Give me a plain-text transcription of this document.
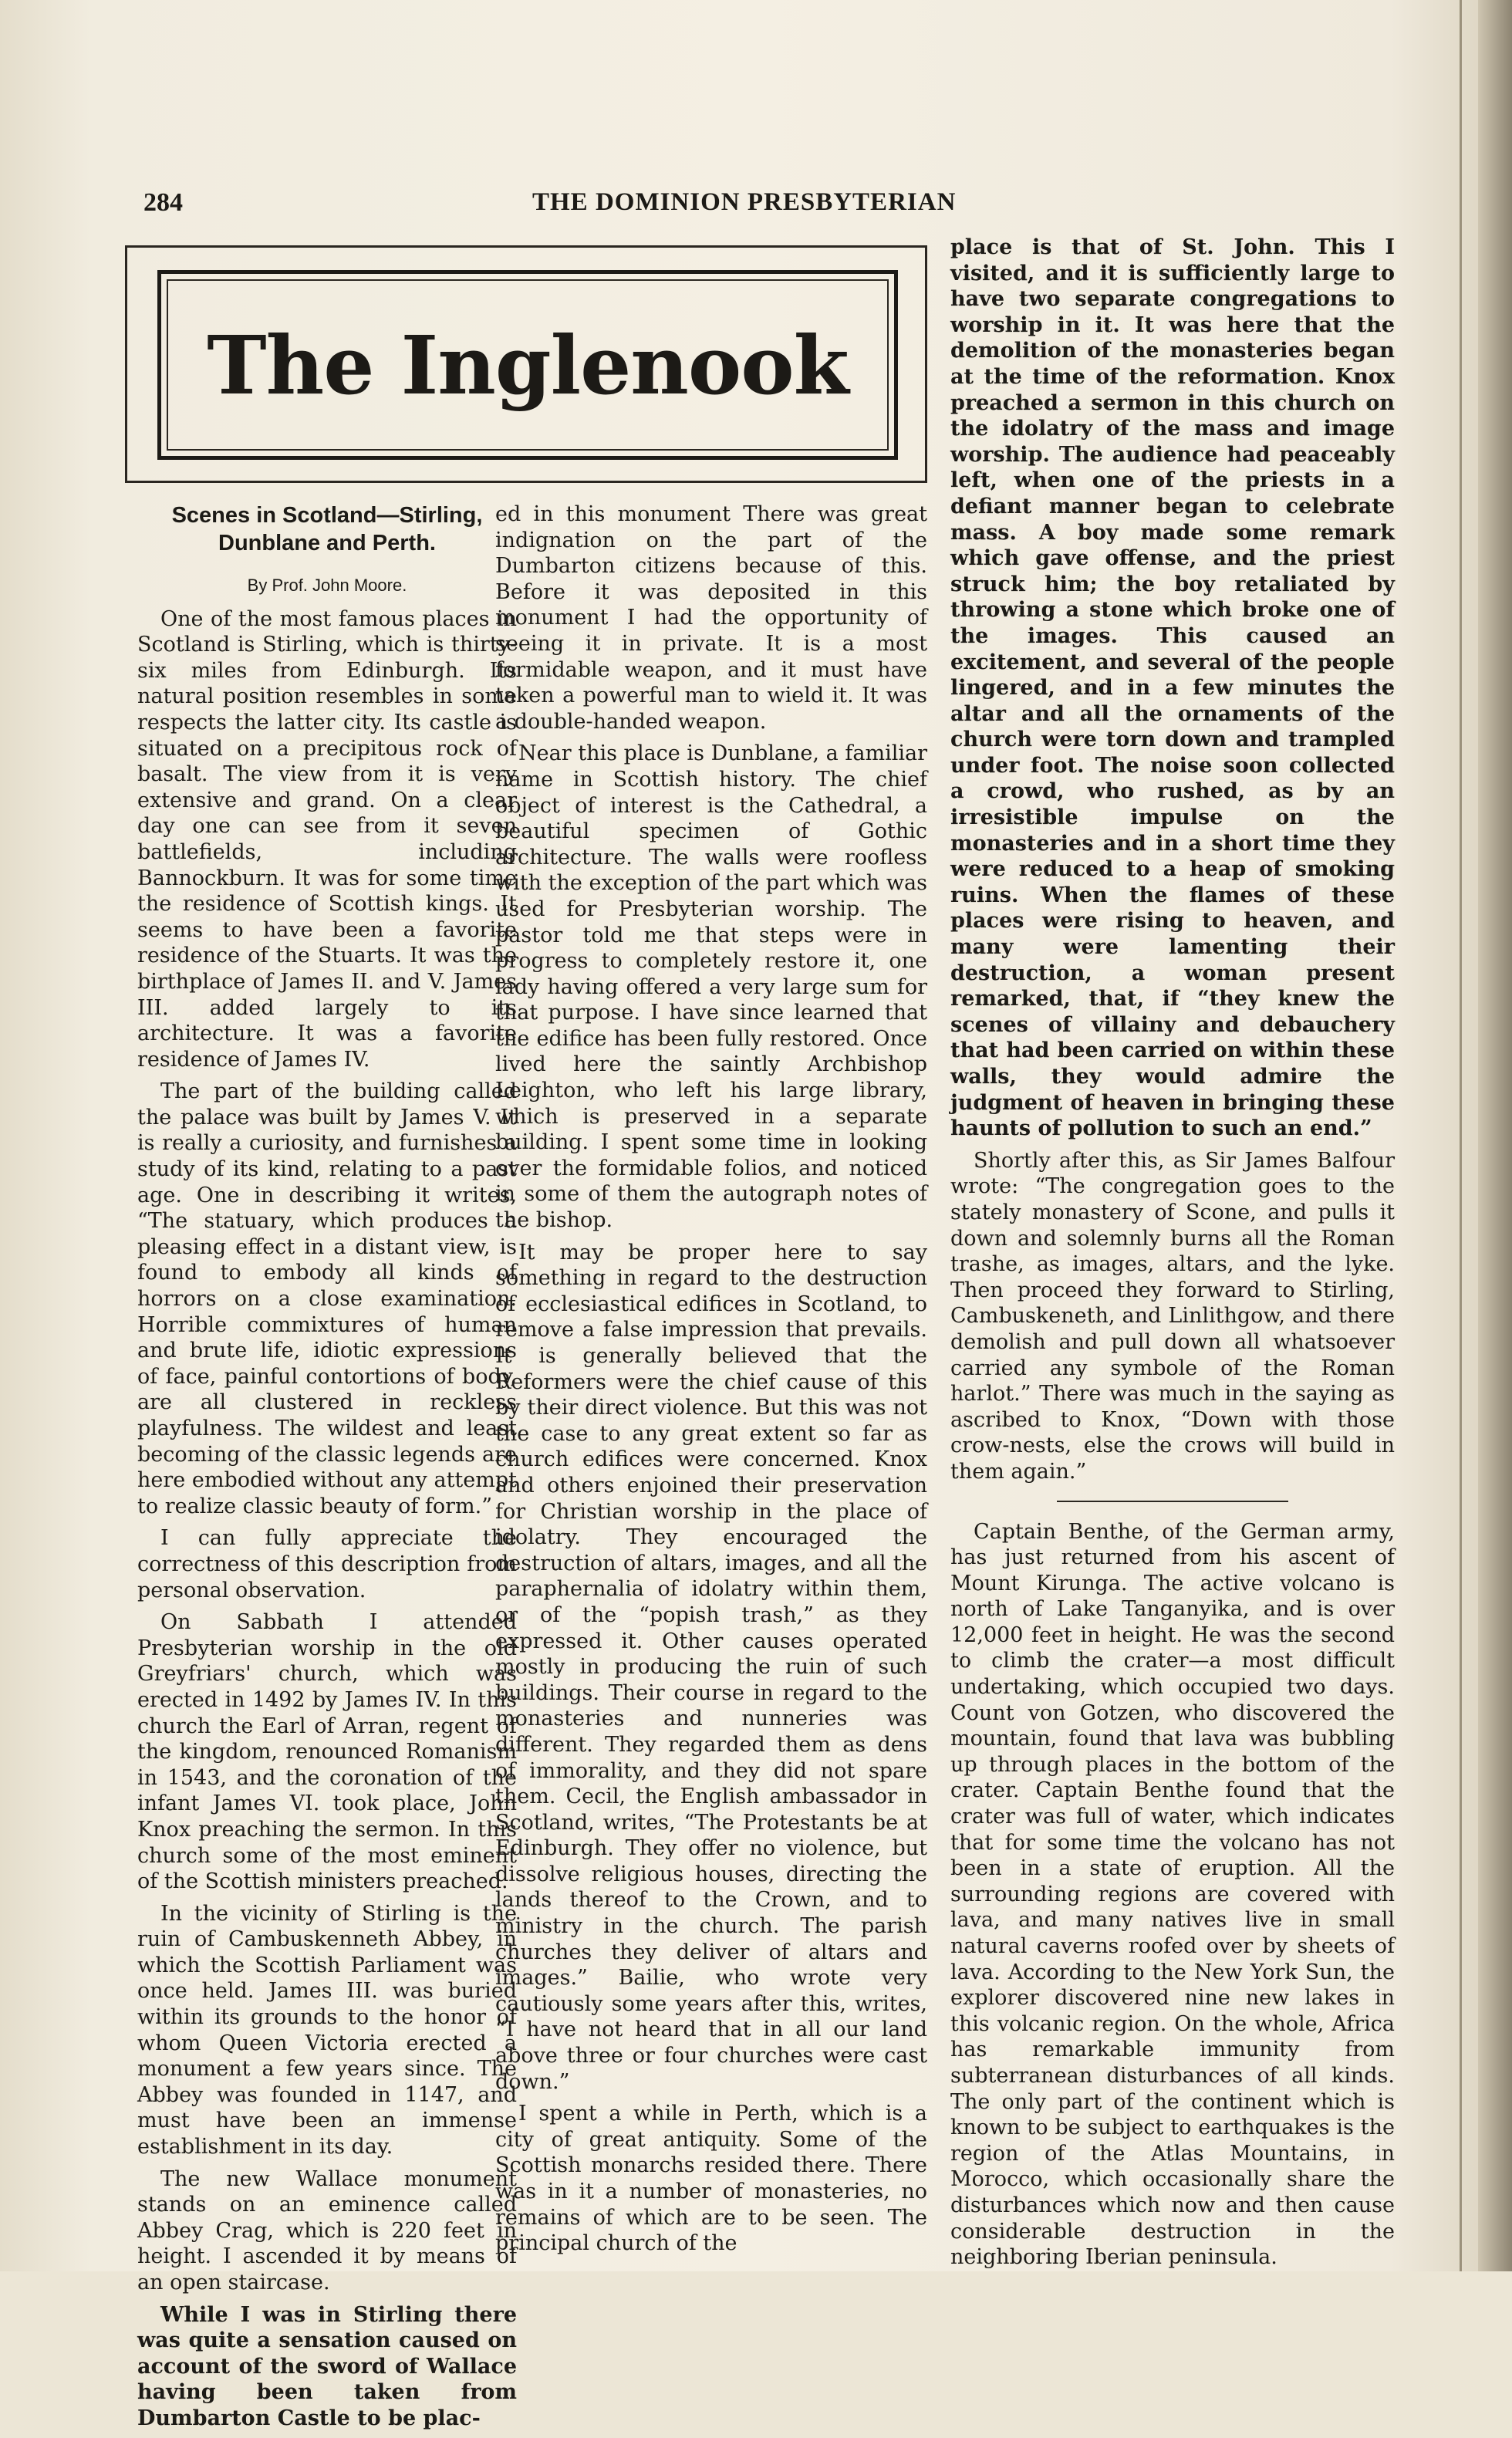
284	THE DOMINION PRESBYTERIAN
The Inglenook
Scenes in Scotland—Stirling, Dunblane and Perth.
By Prof. John Moore.

One of the most famous places in Scotland is Stirling, which is thirty-six miles from Edinburgh. Its natural position resembles in some respects the latter city. Its castle is situated on a precipitous rock of basalt. The view from it is very extensive and grand. On a clear day one can see from it seven battlefields, including Bannockburn. It was for some time the residence of Scottish kings. It seems to have been a favorite residence of the Stuarts. It was the birthplace of James II. and V. James III. added largely to its architecture. It was a favorite residence of James IV.

The part of the building called the palace was built by James V. It is really a curiosity, and furnishes a study of its kind, relating to a past age. One in describing it writes, “The statuary, which produces a pleasing effect in a distant view, is found to embody all kinds of horrors on a close examination. Horrible commixtures of human and brute life, idiotic expressions of face, painful contortions of body, are all clustered in reckless playfulness. The wildest and least becoming of the classic legends are here embodied without any attempt to realize classic beauty of form.”

I can fully appreciate the correctness of this description from personal observation.

On Sabbath I attended Presbyterian worship in the old Greyfriars' church, which was erected in 1492 by James IV. In this church the Earl of Arran, regent of the kingdom, renounced Romanism in 1543, and the coronation of the infant James VI. took place, John Knox preaching the sermon. In this church some of the most eminent of the Scottish ministers preached.

In the vicinity of Stirling is the ruin of Cambuskenneth Abbey, in which the Scottish Parliament was once held. James III. was buried within its grounds to the honor of whom Queen Victoria erected a monument a few years since. The Abbey was founded in 1147, and must have been an immense establishment in its day.

The new Wallace monument stands on an eminence called Abbey Crag, which is 220 feet in height. I ascended it by means of an open staircase.

While I was in Stirling there was quite a sensation caused on account of the sword of Wallace having been taken from Dumbarton Castle to be plac-

ed in this monument There was great indignation on the part of the Dumbarton citizens because of this. Before it was deposited in this monument I had the opportunity of seeing it in private. It is a most formidable weapon, and it must have taken a powerful man to wield it. It was a double-handed weapon.

Near this place is Dunblane, a familiar name in Scottish history. The chief object of interest is the Cathedral, a beautiful specimen of Gothic architecture. The walls were roofless with the exception of the part which was used for Presbyterian worship. The pastor told me that steps were in progress to completely restore it, one lady having offered a very large sum for that purpose. I have since learned that the edifice has been fully restored. Once lived here the saintly Archbishop Leighton, who left his large library, which is preserved in a separate building. I spent some time in looking over the formidable folios, and noticed in some of them the autograph notes of the bishop.

It may be proper here to say something in regard to the destruction of ecclesiastical edifices in Scotland, to remove a false impression that prevails. It is generally believed that the Reformers were the chief cause of this by their direct violence. But this was not the case to any great extent so far as church edifices were concerned. Knox and others enjoined their preservation for Christian worship in the place of idolatry. They encouraged the destruction of altars, images, and all the paraphernalia of idolatry within them, or of the “popish trash,” as they expressed it. Other causes operated mostly in producing the ruin of such buildings. Their course in regard to the monasteries and nunneries was different. They regarded them as dens of immorality, and they did not spare them. Cecil, the English ambassador in Scotland, writes, “The Protestants be at Edinburgh. They offer no violence, but dissolve religious houses, directing the lands thereof to the Crown, and to ministry in the church. The parish churches they deliver of altars and images.” Bailie, who wrote very cautiously some years after this, writes, “I have not heard that in all our land above three or four churches were cast down.”

I spent a while in Perth, which is a city of great antiquity. Some of the Scottish monarchs resided there. There was in it a number of monasteries, no remains of which are to be seen. The principal church of the

place is that of St. John. This I visited, and it is sufficiently large to have two separate congregations to worship in it. It was here that the demolition of the monasteries began at the time of the reformation. Knox preached a sermon in this church on the idolatry of the mass and image worship. The audience had peaceably left, when one of the priests in a defiant manner began to celebrate mass. A boy made some remark which gave offense, and the priest struck him; the boy retaliated by throwing a stone which broke one of the images. This caused an excitement, and several of the people lingered, and in a few minutes the altar and all the ornaments of the church were torn down and trampled under foot. The noise soon collected a crowd, who rushed, as by an irresistible impulse on the monasteries and in a short time they were reduced to a heap of smoking ruins. When the flames of these places were rising to heaven, and many were lamenting their destruction, a woman present remarked, that, if “they knew the scenes of villainy and debauchery that had been carried on within these walls, they would admire the judgment of heaven in bringing these haunts of pollution to such an end.”

Shortly after this, as Sir James Balfour wrote: “The congregation goes to the stately monastery of Scone, and pulls it down and solemnly burns all the Roman trashe, as images, altars, and the lyke. Then proceed they forward to Stirling, Cambuskeneth, and Linlithgow, and there demolish and pull down all whatsoever carried any symbole of the Roman harlot.” There was much in the saying as ascribed to Knox, “Down with those crow-nests, else the crows will build in them again.”

Captain Benthe, of the German army, has just returned from his ascent of Mount Kirunga. The active volcano is north of Lake Tanganyika, and is over 12,000 feet in height. He was the second to climb the crater—a most difficult undertaking, which occupied two days. Count von Gotzen, who discovered the mountain, found that lava was bubbling up through places in the bottom of the crater. Captain Benthe found that the crater was full of water, which indicates that for some time the volcano has not been in a state of eruption. All the surrounding regions are covered with lava, and many natives live in small natural caverns roofed over by sheets of lava. According to the New York Sun, the explorer discovered nine new lakes in this volcanic region. On the whole, Africa has remarkable immunity from subterranean disturbances of all kinds. The only part of the continent which is known to be subject to earthquakes is the region of the Atlas Mountains, in Morocco, which occasionally share the disturbances which now and then cause considerable destruction in the neighboring Iberian peninsula.
